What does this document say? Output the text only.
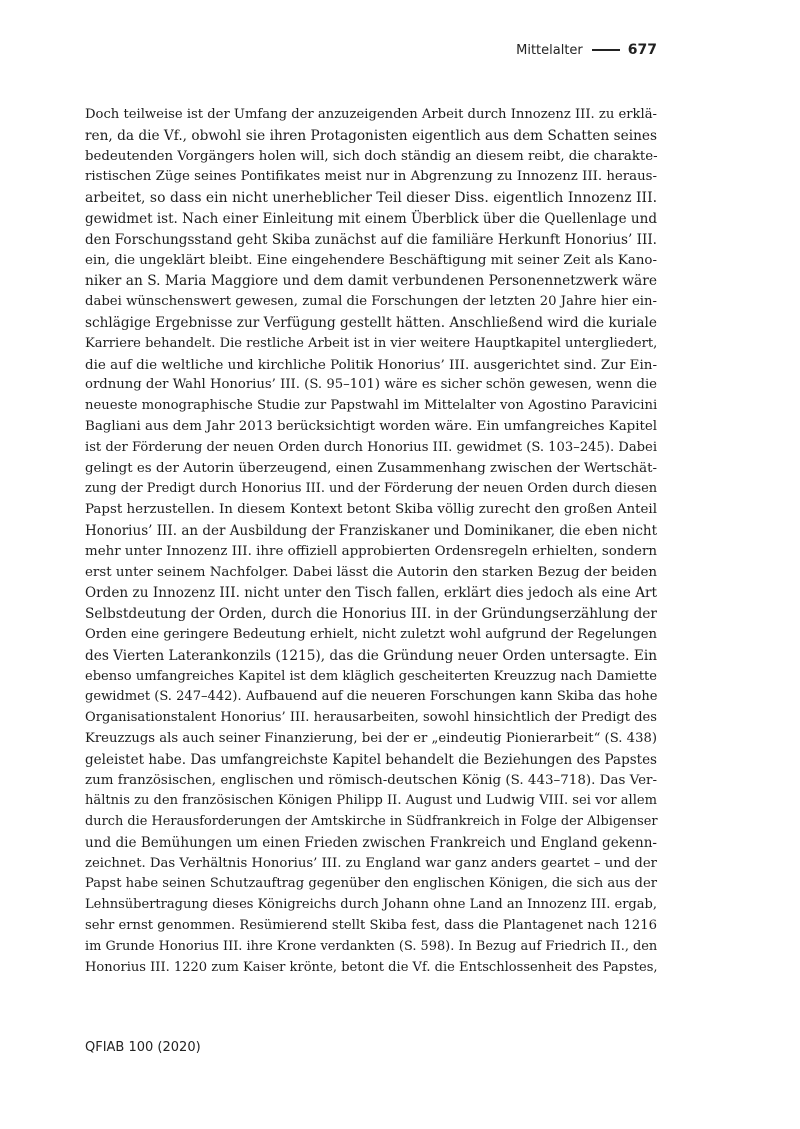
Mittelalter	677
Doch teilweise ist der Umfang der anzuzeigenden Arbeit durch Innozenz III. zu erklä-
ren, da die Vf., obwohl sie ihren Protagonisten eigentlich aus dem Schatten seines
bedeutenden Vorgängers holen will, sich doch ständig an diesem reibt, die charakte-
ristischen Züge seines Pontifikates meist nur in Abgrenzung zu Innozenz III. heraus-
arbeitet, so dass ein nicht unerheblicher Teil dieser Diss. eigentlich Innozenz III.
gewidmet ist. Nach einer Einleitung mit einem Überblick über die Quellenlage und
den Forschungsstand geht Skiba zunächst auf die familiäre Herkunft Honorius’ III.
ein, die ungeklärt bleibt. Eine eingehendere Beschäftigung mit seiner Zeit als Kano-
niker an S. Maria Maggiore und dem damit verbundenen Personennetzwerk wäre
dabei wünschenswert gewesen, zumal die Forschungen der letzten 20 Jahre hier ein-
schlägige Ergebnisse zur Verfügung gestellt hätten. Anschließend wird die kuriale
Karriere behandelt. Die restliche Arbeit ist in vier weitere Hauptkapitel untergliedert,
die auf die weltliche und kirchliche Politik Honorius’ III. ausgerichtet sind. Zur Ein-
ordnung der Wahl Honorius’ III. (S. 95–101) wäre es sicher schön gewesen, wenn die
neueste monographische Studie zur Papstwahl im Mittelalter von Agostino Paravicini
Bagliani aus dem Jahr 2013 berücksichtigt worden wäre. Ein umfangreiches Kapitel
ist der Förderung der neuen Orden durch Honorius III. gewidmet (S. 103–245). Dabei
gelingt es der Autorin überzeugend, einen Zusammenhang zwischen der Wertschät-
zung der Predigt durch Honorius III. und der Förderung der neuen Orden durch diesen
Papst herzustellen. In diesem Kontext betont Skiba völlig zurecht den großen Anteil
Honorius’ III. an der Ausbildung der Franziskaner und Dominikaner, die eben nicht
mehr unter Innozenz III. ihre offiziell approbierten Ordensregeln erhielten, sondern
erst unter seinem Nachfolger. Dabei lässt die Autorin den starken Bezug der beiden
Orden zu Innozenz III. nicht unter den Tisch fallen, erklärt dies jedoch als eine Art
Selbstdeutung der Orden, durch die Honorius III. in der Gründungserzählung der
Orden eine geringere Bedeutung erhielt, nicht zuletzt wohl aufgrund der Regelungen
des Vierten Laterankonzils (1215), das die Gründung neuer Orden untersagte. Ein
ebenso umfangreiches Kapitel ist dem kläglich gescheiterten Kreuzzug nach Damiette
gewidmet (S. 247–442). Aufbauend auf die neueren Forschungen kann Skiba das hohe
Organisationstalent Honorius’ III. herausarbeiten, sowohl hinsichtlich der Predigt des
Kreuzzugs als auch seiner Finanzierung, bei der er „eindeutig Pionierarbeit“ (S. 438)
geleistet habe. Das umfangreichste Kapitel behandelt die Beziehungen des Papstes
zum französischen, englischen und römisch-deutschen König (S. 443–718). Das Ver-
hältnis zu den französischen Königen Philipp II. August und Ludwig VIII. sei vor allem
durch die Herausforderungen der Amtskirche in Südfrankreich in Folge der Albigenser
und die Bemühungen um einen Frieden zwischen Frankreich und England gekenn-
zeichnet. Das Verhältnis Honorius’ III. zu England war ganz anders geartet – und der
Papst habe seinen Schutzauftrag gegenüber den englischen Königen, die sich aus der
Lehnsübertragung dieses Königreichs durch Johann ohne Land an Innozenz III. ergab,
sehr ernst genommen. Resümierend stellt Skiba fest, dass die Plantagenet nach 1216
im Grunde Honorius III. ihre Krone verdankten (S. 598). In Bezug auf Friedrich II., den
Honorius III. 1220 zum Kaiser krönte, betont die Vf. die Entschlossenheit des Papstes,
QFIAB 100 (2020)
